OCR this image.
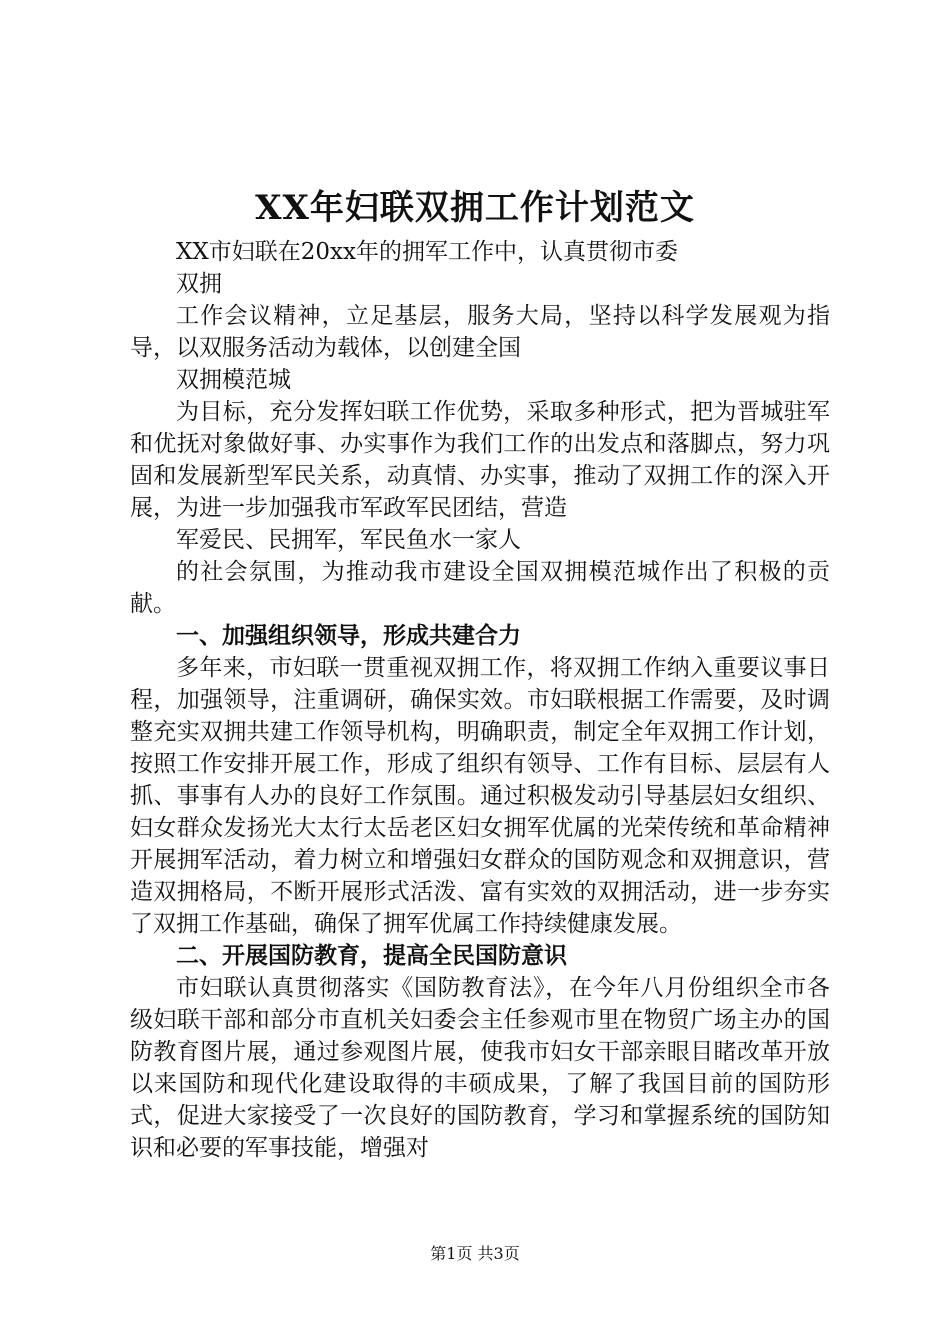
XX年妇联双拥工作计划范文

XX市妇联在20xx年的拥军工作中，认真贯彻市委

双拥

工作会议精神，立足基层，服务大局，坚持以科学发展观为指导，以双服务活动为载体，以创建全国

双拥模范城

为目标，充分发挥妇联工作优势，采取多种形式，把为晋城驻军和优抚对象做好事、办实事作为我们工作的出发点和落脚点，努力巩固和发展新型军民关系，动真情、办实事，推动了双拥工作的深入开展，为进一步加强我市军政军民团结，营造

军爱民、民拥军，军民鱼水一家人

的社会氛围，为推动我市建设全国双拥模范城作出了积极的贡献。

一、加强组织领导，形成共建合力

多年来，市妇联一贯重视双拥工作，将双拥工作纳入重要议事日程，加强领导，注重调研，确保实效。市妇联根据工作需要，及时调整充实双拥共建工作领导机构，明确职责，制定全年双拥工作计划，按照工作安排开展工作，形成了组织有领导、工作有目标、层层有人抓、事事有人办的良好工作氛围。通过积极发动引导基层妇女组织、妇女群众发扬光大太行太岳老区妇女拥军优属的光荣传统和革命精神开展拥军活动，着力树立和增强妇女群众的国防观念和双拥意识，营造双拥格局，不断开展形式活泼、富有实效的双拥活动，进一步夯实了双拥工作基础，确保了拥军优属工作持续健康发展。

二、开展国防教育，提高全民国防意识

市妇联认真贯彻落实《国防教育法》，在今年八月份组织全市各级妇联干部和部分市直机关妇委会主任参观市里在物贸广场主办的国防教育图片展，通过参观图片展，使我市妇女干部亲眼目睹改革开放以来国防和现代化建设取得的丰硕成果，了解了我国目前的国防形式，促进大家接受了一次良好的国防教育，学习和掌握系统的国防知识和必要的军事技能，增强对

第1页 共3页
